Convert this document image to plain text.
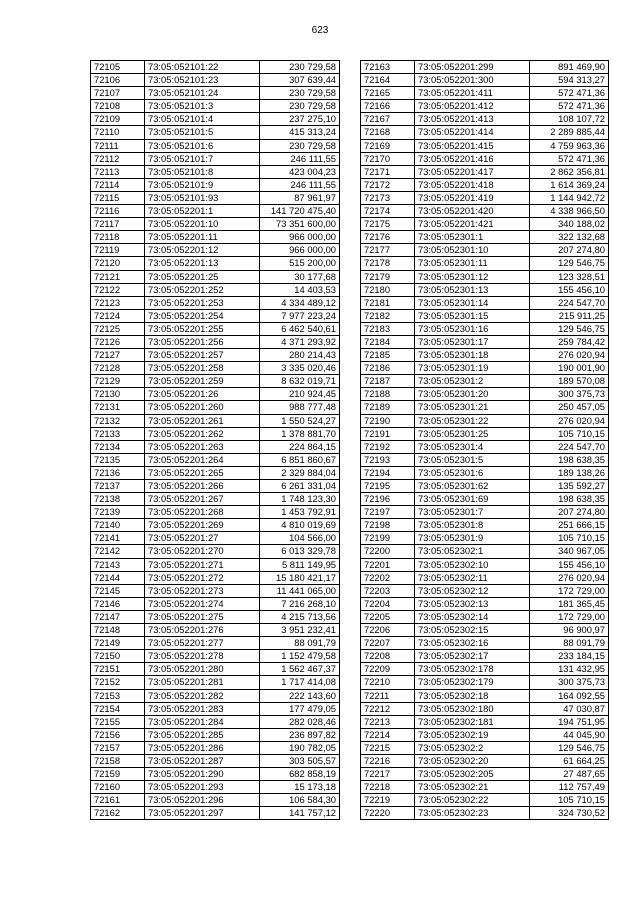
623
72105	73:05:052101:22	230 729,58
72106	73:05:052101:23	307 639,44
72107	73:05:052101:24	230 729,58
72108	73:05:052101:3	230 729,58
72109	73:05:052101:4	237 275,10
72110	73:05:052101:5	415 313,24
72111	73:05:052101:6	230 729,58
72112	73:05:052101:7	246 111,55
72113	73:05:052101:8	423 004,23
72114	73:05:052101:9	246 111,55
72115	73:05:052101:93	87 961,97
72116	73:05:052201:1	141 720 475,40
72117	73:05:052201:10	73 351 600,00
72118	73:05:052201:11	966 000,00
72119	73:05:052201:12	966 000,00
72120	73:05:052201:13	515 200,00
72121	73:05:052201:25	30 177,68
72122	73:05:052201:252	14 403,53
72123	73:05:052201:253	4 334 489,12
72124	73:05:052201:254	7 977 223,24
72125	73:05:052201:255	6 462 540,61
72126	73:05:052201:256	4 371 293,92
72127	73:05:052201:257	280 214,43
72128	73:05:052201:258	3 335 020,46
72129	73:05:052201:259	8 632 019,71
72130	73:05:052201:26	210 924,45
72131	73:05:052201:260	988 777,48
72132	73:05:052201:261	1 550 524,27
72133	73:05:052201:262	1 378 881,70
72134	73:05:052201:263	224 864,15
72135	73:05:052201:264	6 851 860,67
72136	73:05:052201:265	2 329 884,04
72137	73:05:052201:266	6 261 331,04
72138	73:05:052201:267	1 748 123,30
72139	73:05:052201:268	1 453 792,91
72140	73:05:052201:269	4 810 019,69
72141	73:05:052201:27	104 566,00
72142	73:05:052201:270	6 013 329,78
72143	73:05:052201:271	5 811 149,95
72144	73:05:052201:272	15 180 421,17
72145	73:05:052201:273	11 441 065,00
72146	73:05:052201:274	7 216 268,10
72147	73:05:052201:275	4 215 713,56
72148	73:05:052201:276	3 951 232,41
72149	73:05:052201:277	88 091,79
72150	73:05:052201:278	1 152 479,58
72151	73:05:052201:280	1 562 467,37
72152	73:05:052201:281	1 717 414,08
72153	73:05:052201:282	222 143,60
72154	73:05:052201:283	177 479,05
72155	73:05:052201:284	282 028,46
72156	73:05:052201:285	236 897,82
72157	73:05:052201:286	190 782,05
72158	73:05:052201:287	303 505,57
72159	73:05:052201:290	682 858,19
72160	73:05:052201:293	15 173,18
72161	73:05:052201:296	106 584,30
72162	73:05:052201:297	141 757,12
72163	73:05:052201:299	891 469,90
72164	73:05:052201:300	594 313,27
72165	73:05:052201:411	572 471,36
72166	73:05:052201:412	572 471,36
72167	73:05:052201:413	108 107,72
72168	73:05:052201:414	2 289 885,44
72169	73:05:052201:415	4 759 963,36
72170	73:05:052201:416	572 471,36
72171	73:05:052201:417	2 862 356,81
72172	73:05:052201:418	1 614 369,24
72173	73:05:052201:419	1 144 942,72
72174	73:05:052201:420	4 338 966,50
72175	73:05:052201:421	340 188,02
72176	73:05:052301:1	322 132,68
72177	73:05:052301:10	207 274,80
72178	73:05:052301:11	129 546,75
72179	73:05:052301:12	123 328,51
72180	73:05:052301:13	155 456,10
72181	73:05:052301:14	224 547,70
72182	73:05:052301:15	215 911,25
72183	73:05:052301:16	129 546,75
72184	73:05:052301:17	259 784,42
72185	73:05:052301:18	276 020,94
72186	73:05:052301:19	190 001,90
72187	73:05:052301:2	189 570,08
72188	73:05:052301:20	300 375,73
72189	73:05:052301:21	250 457,05
72190	73:05:052301:22	276 020,94
72191	73:05:052301:25	105 710,15
72192	73:05:052301:4	224 547,70
72193	73:05:052301:5	198 638,35
72194	73:05:052301:6	189 138,26
72195	73:05:052301:62	135 592,27
72196	73:05:052301:69	198 638,35
72197	73:05:052301:7	207 274,80
72198	73:05:052301:8	251 666,15
72199	73:05:052301:9	105 710,15
72200	73:05:052302:1	340 967,05
72201	73:05:052302:10	155 456,10
72202	73:05:052302:11	276 020,94
72203	73:05:052302:12	172 729,00
72204	73:05:052302:13	181 365,45
72205	73:05:052302:14	172 729,00
72206	73:05:052302:15	96 900,97
72207	73:05:052302:16	88 091,79
72208	73:05:052302:17	233 184,15
72209	73:05:052302:178	131 432,95
72210	73:05:052302:179	300 375,73
72211	73:05:052302:18	164 092,55
72212	73:05:052302:180	47 030,87
72213	73:05:052302:181	194 751,95
72214	73:05:052302:19	44 045,90
72215	73:05:052302:2	129 546,75
72216	73:05:052302:20	61 664,25
72217	73:05:052302:205	27 487,65
72218	73:05:052302:21	112 757,49
72219	73:05:052302:22	105 710,15
72220	73:05:052302:23	324 730,52
